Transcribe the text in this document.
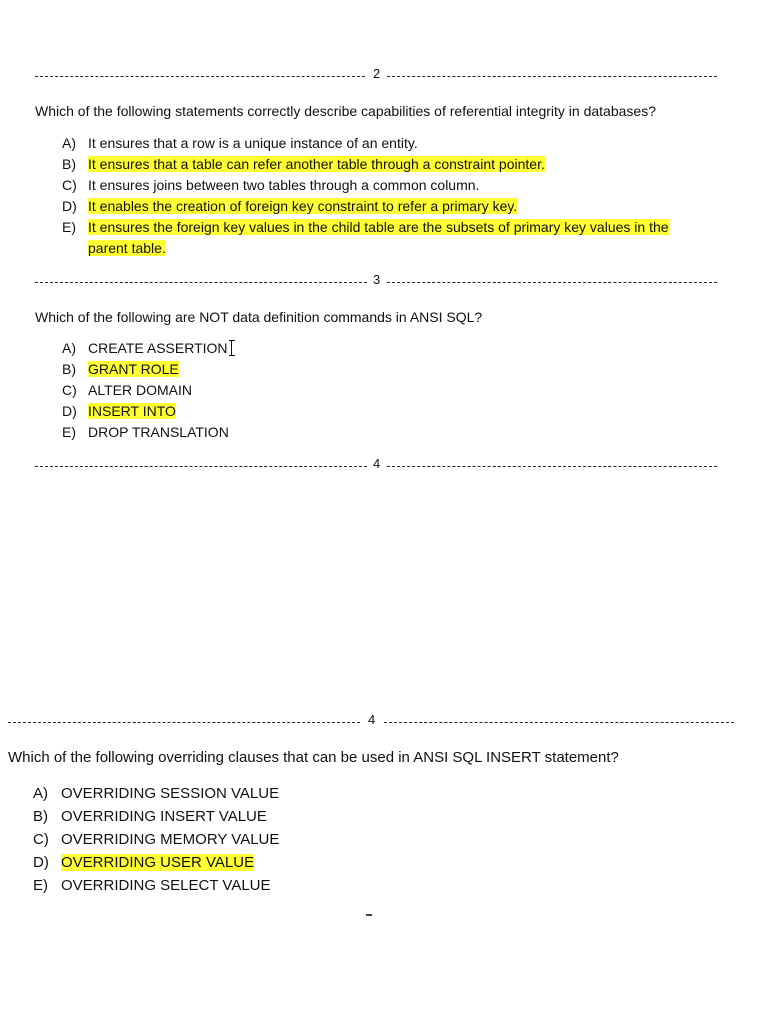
2
Which of the following statements correctly describe capabilities of referential integrity in databases?
A) It ensures that a row is a unique instance of an entity.
B) It ensures that a table can refer another table through a constraint pointer.
C) It ensures joins between two tables through a common column.
D) It enables the creation of foreign key constraint to refer a primary key.
E) It ensures the foreign key values in the child table are the subsets of primary key values in the parent table.
3
Which of the following are NOT data definition commands in ANSI SQL?
A) CREATE ASSERTION
B) GRANT ROLE
C) ALTER DOMAIN
D) INSERT INTO
E) DROP TRANSLATION
4
4
Which of the following overriding clauses that can be used in ANSI SQL INSERT statement?
A) OVERRIDING SESSION VALUE
B) OVERRIDING INSERT VALUE
C) OVERRIDING MEMORY VALUE
D) OVERRIDING USER VALUE
E) OVERRIDING SELECT VALUE
